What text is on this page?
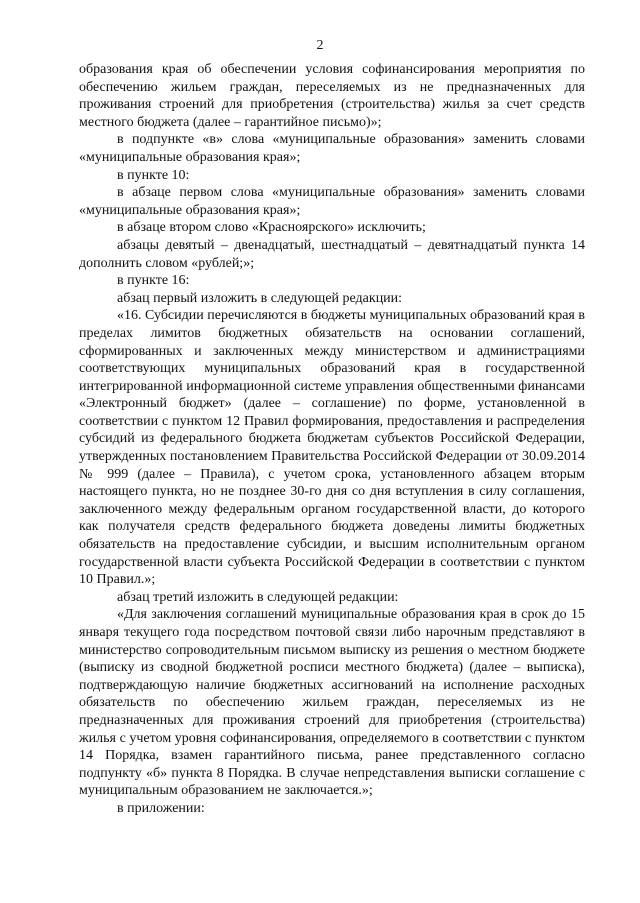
2

образования края об обеспечении условия софинансирования мероприятия по обеспечению жильем граждан, переселяемых из не предназначенных для проживания строений для приобретения (строительства) жилья за счет средств местного бюджета (далее – гарантийное письмо)»;

в подпункте «в» слова «муниципальные образования» заменить словами «муниципальные образования края»;

в пункте 10:

в абзаце первом слова «муниципальные образования» заменить словами «муниципальные образования края»;

в абзаце втором слово «Красноярского» исключить;

абзацы девятый – двенадцатый, шестнадцатый – девятнадцатый пункта 14 дополнить словом «рублей;»;

в пункте 16:

абзац первый изложить в следующей редакции:

«16. Субсидии перечисляются в бюджеты муниципальных образований края в пределах лимитов бюджетных обязательств на основании соглашений, сформированных и заключенных между министерством и администрациями соответствующих муниципальных образований края в государственной интегрированной информационной системе управления общественными финансами «Электронный бюджет» (далее – соглашение) по форме, установленной в соответствии с пунктом 12 Правил формирования, предоставления и распределения субсидий из федерального бюджета бюджетам субъектов Российской Федерации, утвержденных постановлением Правительства Российской Федерации от 30.09.2014 № 999 (далее – Правила), с учетом срока, установленного абзацем вторым настоящего пункта, но не позднее 30-го дня со дня вступления в силу соглашения, заключенного между федеральным органом государственной власти, до которого как получателя средств федерального бюджета доведены лимиты бюджетных обязательств на предоставление субсидии, и высшим исполнительным органом государственной власти субъекта Российской Федерации в соответствии с пунктом 10 Правил.»;

абзац третий изложить в следующей редакции:

«Для заключения соглашений муниципальные образования края в срок до 15 января текущего года посредством почтовой связи либо нарочным представляют в министерство сопроводительным письмом выписку из решения о местном бюджете (выписку из сводной бюджетной росписи местного бюджета) (далее – выписка), подтверждающую наличие бюджетных ассигнований на исполнение расходных обязательств по обеспечению жильем граждан, переселяемых из не предназначенных для проживания строений для приобретения (строительства) жилья с учетом уровня софинансирования, определяемого в соответствии с пунктом 14 Порядка, взамен гарантийного письма, ранее представленного согласно подпункту «б» пункта 8 Порядка. В случае непредставления выписки соглашение с муниципальным образованием не заключается.»;

в приложении:
